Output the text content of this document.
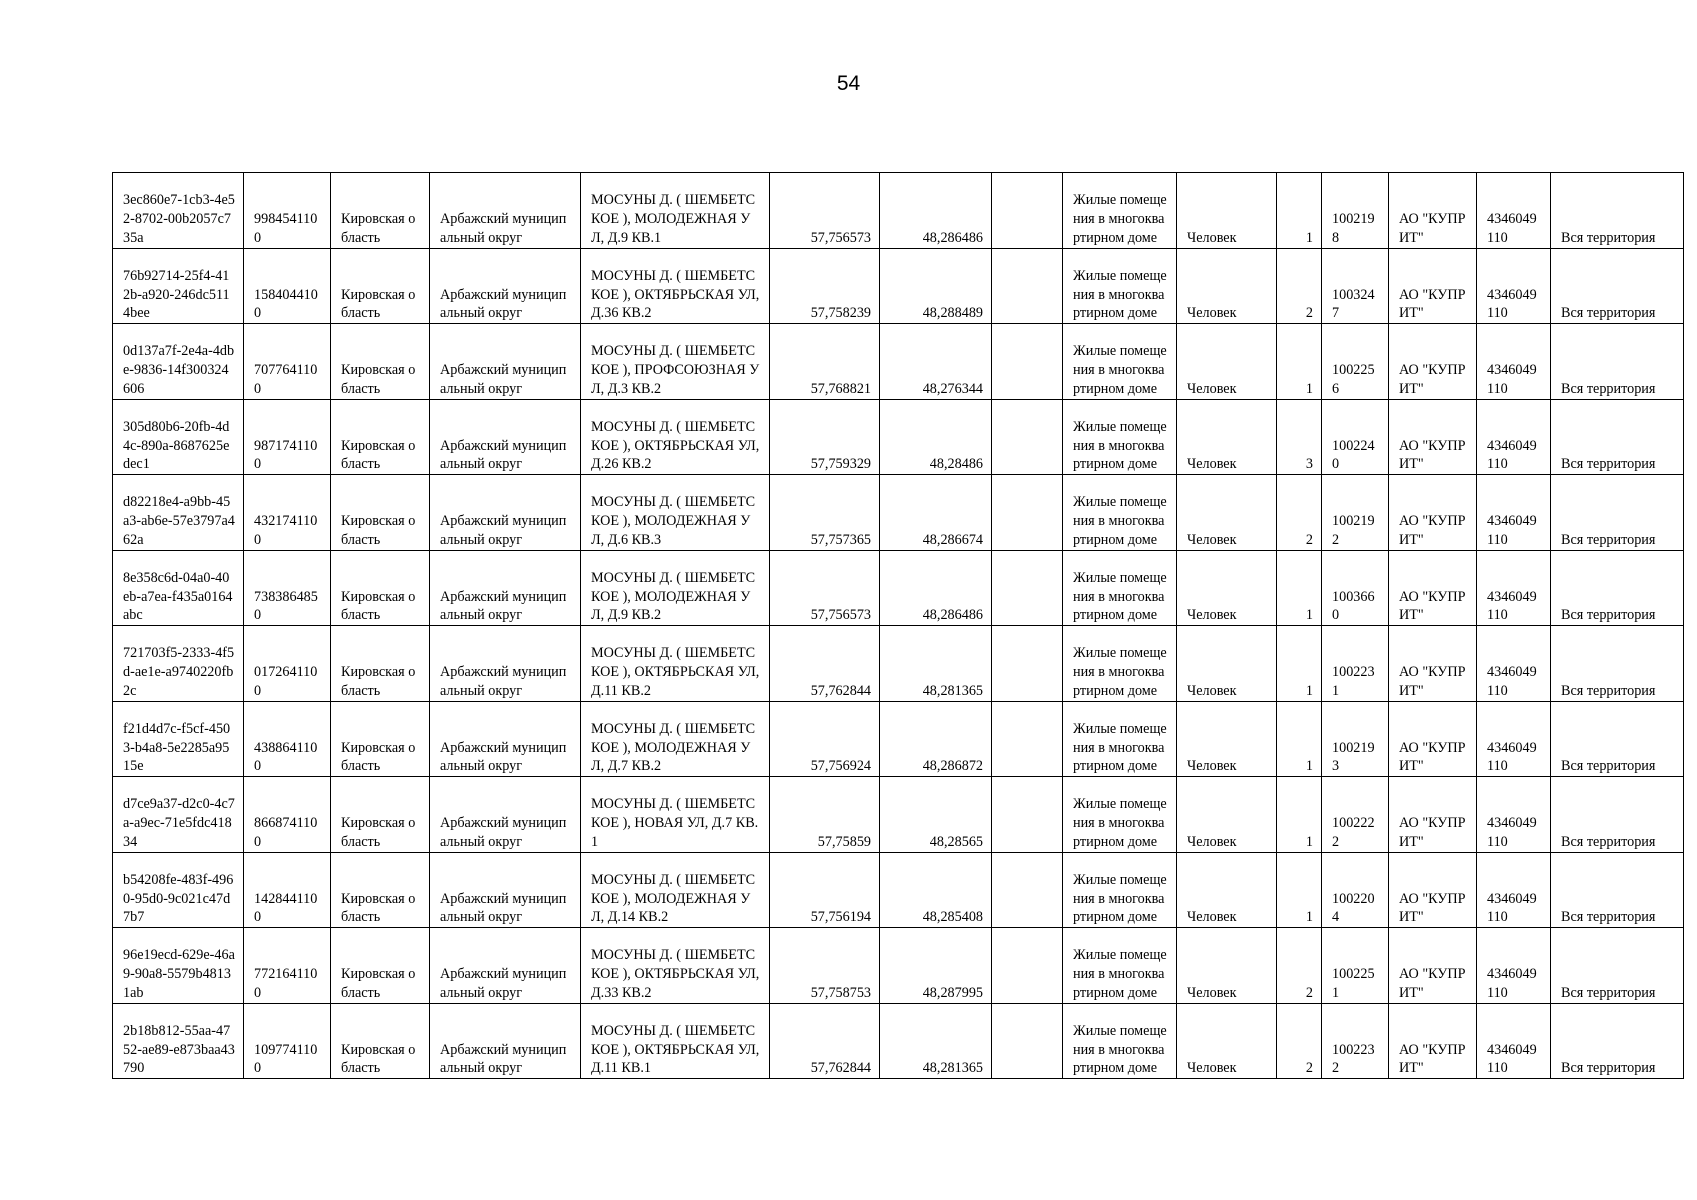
54
3ec860e7-1cb3-4e52-8702-00b2057c735a	9984541100	Кировская область	Арбажский муниципальный округ	МОСУНЫ Д. ( ШЕМБЕТСКОЕ ), МОЛОДЕЖНАЯ УЛ, Д.9 КВ.1	57,756573	48,286486		Жилые помещения в многоквартирном доме	Человек	1	1002198	АО "КУПРИТ"	4346049110	Вся территория
76b92714-25f4-412b-a920-246dc5114bee	1584044100	Кировская область	Арбажский муниципальный округ	МОСУНЫ Д. ( ШЕМБЕТСКОЕ ), ОКТЯБРЬСКАЯ УЛ, Д.36 КВ.2	57,758239	48,288489		Жилые помещения в многоквартирном доме	Человек	2	1003247	АО "КУПРИТ"	4346049110	Вся территория
0d137a7f-2e4a-4dbe-9836-14f300324606	7077641100	Кировская область	Арбажский муниципальный округ	МОСУНЫ Д. ( ШЕМБЕТСКОЕ ), ПРОФСОЮЗНАЯ УЛ, Д.3 КВ.2	57,768821	48,276344		Жилые помещения в многоквартирном доме	Человек	1	1002256	АО "КУПРИТ"	4346049110	Вся территория
305d80b6-20fb-4d4c-890a-8687625edec1	9871741100	Кировская область	Арбажский муниципальный округ	МОСУНЫ Д. ( ШЕМБЕТСКОЕ ), ОКТЯБРЬСКАЯ УЛ, Д.26 КВ.2	57,759329	48,28486		Жилые помещения в многоквартирном доме	Человек	3	1002240	АО "КУПРИТ"	4346049110	Вся территория
d82218e4-a9bb-45a3-ab6e-57e3797a462a	4321741100	Кировская область	Арбажский муниципальный округ	МОСУНЫ Д. ( ШЕМБЕТСКОЕ ), МОЛОДЕЖНАЯ УЛ, Д.6 КВ.3	57,757365	48,286674		Жилые помещения в многоквартирном доме	Человек	2	1002192	АО "КУПРИТ"	4346049110	Вся территория
8e358c6d-04a0-40eb-a7ea-f435a0164abc	7383864850	Кировская область	Арбажский муниципальный округ	МОСУНЫ Д. ( ШЕМБЕТСКОЕ ), МОЛОДЕЖНАЯ УЛ, Д.9 КВ.2	57,756573	48,286486		Жилые помещения в многоквартирном доме	Человек	1	1003660	АО "КУПРИТ"	4346049110	Вся территория
721703f5-2333-4f5d-ae1e-a9740220fb2c	0172641100	Кировская область	Арбажский муниципальный округ	МОСУНЫ Д. ( ШЕМБЕТСКОЕ ), ОКТЯБРЬСКАЯ УЛ, Д.11 КВ.2	57,762844	48,281365		Жилые помещения в многоквартирном доме	Человек	1	1002231	АО "КУПРИТ"	4346049110	Вся территория
f21d4d7c-f5cf-4503-b4a8-5e2285a9515e	4388641100	Кировская область	Арбажский муниципальный округ	МОСУНЫ Д. ( ШЕМБЕТСКОЕ ), МОЛОДЕЖНАЯ УЛ, Д.7 КВ.2	57,756924	48,286872		Жилые помещения в многоквартирном доме	Человек	1	1002193	АО "КУПРИТ"	4346049110	Вся территория
d7ce9a37-d2c0-4c7a-a9ec-71e5fdc41834	8668741100	Кировская область	Арбажский муниципальный округ	МОСУНЫ Д. ( ШЕМБЕТСКОЕ ), НОВАЯ УЛ, Д.7 КВ.1	57,75859	48,28565		Жилые помещения в многоквартирном доме	Человек	1	1002222	АО "КУПРИТ"	4346049110	Вся территория
b54208fe-483f-4960-95d0-9c021c47d7b7	1428441100	Кировская область	Арбажский муниципальный округ	МОСУНЫ Д. ( ШЕМБЕТСКОЕ ), МОЛОДЕЖНАЯ УЛ, Д.14 КВ.2	57,756194	48,285408		Жилые помещения в многоквартирном доме	Человек	1	1002204	АО "КУПРИТ"	4346049110	Вся территория
96e19ecd-629e-46a9-90a8-5579b48131ab	7721641100	Кировская область	Арбажский муниципальный округ	МОСУНЫ Д. ( ШЕМБЕТСКОЕ ), ОКТЯБРЬСКАЯ УЛ, Д.33 КВ.2	57,758753	48,287995		Жилые помещения в многоквартирном доме	Человек	2	1002251	АО "КУПРИТ"	4346049110	Вся территория
2b18b812-55aa-4752-ae89-e873baa43790	1097741100	Кировская область	Арбажский муниципальный округ	МОСУНЫ Д. ( ШЕМБЕТСКОЕ ), ОКТЯБРЬСКАЯ УЛ, Д.11 КВ.1	57,762844	48,281365		Жилые помещения в многоквартирном доме	Человек	2	1002232	АО "КУПРИТ"	4346049110	Вся территория
